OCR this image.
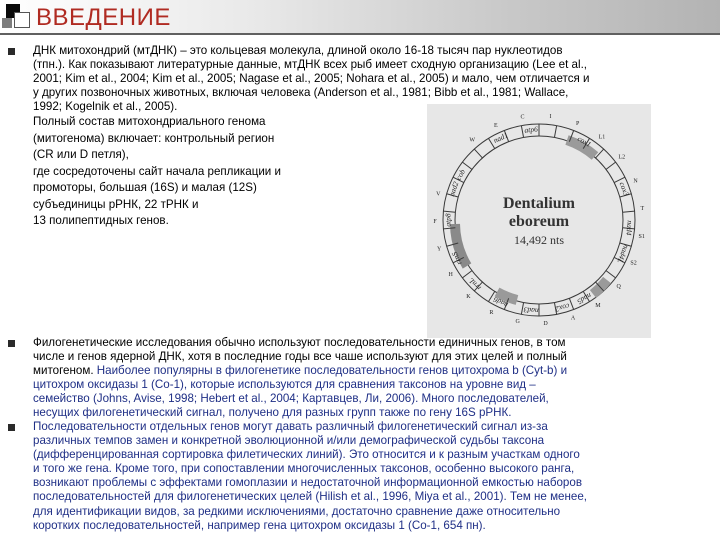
ВВЕДЕНИЕ

ДНК митохондрий (мтДНК) – это кольцевая молекула, длиной около 16-18 тысяч пар нуклеотидов

(тпн.). Как показывают литературные данные, мтДНК всех рыб имеет сходную организацию (Lee et al.,

2001; Kim et al., 2004; Kim et al., 2005; Nagase et al., 2005; Nohara et al., 2005) и мало, чем отличается и

у других позвоночных животных, включая человека (Anderson et al., 1981; Bibb et al., 1981; Wallace,

1992; Kogelnik et al., 2005).

Полный состав митохондриального генома

(митогенома) включает: контрольный регион

(CR или D петля),

где сосредоточены сайт начала репликации и

промоторы, большая (16S) и малая (12S)

субъединицы рРНК, 22 тРНК и

13 полипептидных генов.

cob
nad1
atp6
cox1
cox3
nad4
nad4L
nad5
cox2
nad3
nad6
rrnL
rrnS
atp8
nad2
W
E
C	I
P
L1
L2
N
T
S1
S2
Q
M
A
D
G
R
K
H
Y
F
V
Dentalium
eboreum
14,492 nts

Филогенетические исследования обычно используют последовательности единичных генов, в том

числе и генов ядерной ДНК, хотя в последние годы все чаше используют для этих целей и полный

митогеном. Наиболее популярны в филогенетике последовательности генов цитохрома b (Cyt-b) и

цитохром оксидазы 1 (Co-1), которые используются для сравнения таксонов на уровне вид –

семейство (Johns, Avise, 1998; Hebert et al., 2004; Картавцев, Ли, 2006). Много последователей,

несущих филогенетический сигнал, получено для разных групп также по гену 16S рРНК.

Последовательности отдельных генов могут давать различный филогенетический сигнал из-за

различных темпов замен и конкретной эволюционной и/или демографической судьбы таксона

(дифференцированная сортировка филетических линий). Это относится и к разным участкам одного

и того же гена. Кроме того, при сопоставлении многочисленных таксонов, особенно высокого ранга,

возникают проблемы с эффектами гомоплазии и недостаточной информационной емкостью наборов

последовательностей для филогенетических целей (Hilish et al., 1996, Miya et al., 2001). Тем не менее,

для идентификации видов, за редкими исключениями, достаточно сравнение даже относительно

коротких последовательностей, например гена цитохром оксидазы 1 (Co-1, 654 пн).
